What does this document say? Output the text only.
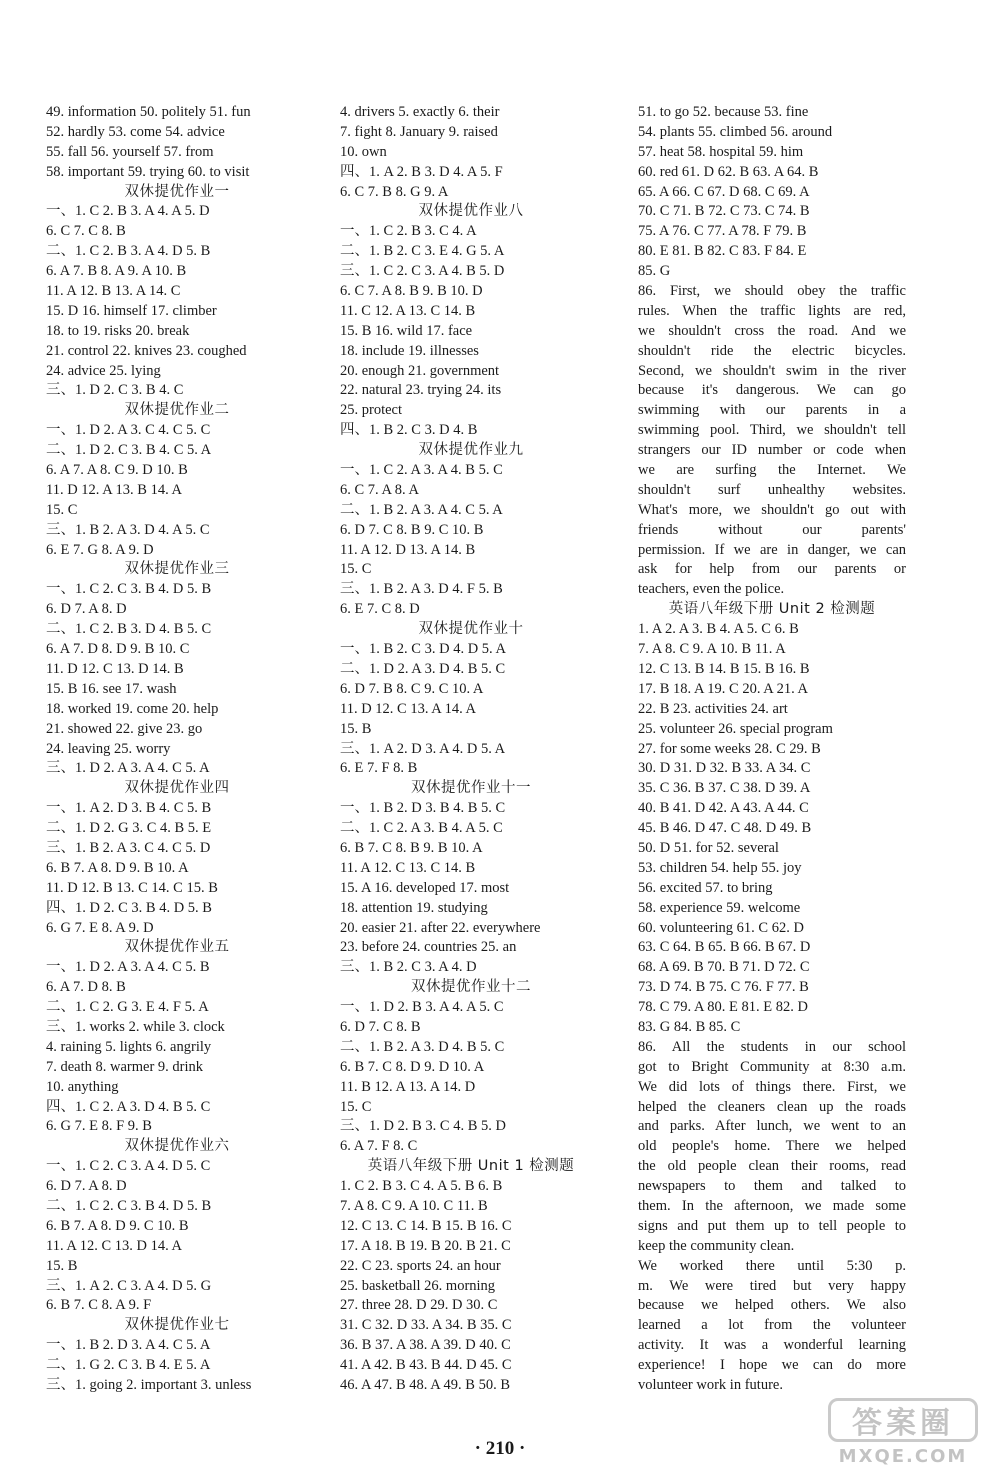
49. information 50. politely 51. fun
52. hardly 53. come 54. advice
55. fall 56. yourself 57. from
58. important 59. trying 60. to visit
双休提优作业一
一、1. C 2. B 3. A 4. A 5. D
6. C 7. C 8. B
二、1. C 2. B 3. A 4. D 5. B
6. A 7. B 8. A 9. A 10. B
11. A 12. B 13. A 14. C
15. D 16. himself 17. climber
18. to 19. risks 20. break
21. control 22. knives 23. coughed
24. advice 25. lying
三、1. D 2. C 3. B 4. C
双休提优作业二
一、1. D 2. A 3. C 4. C 5. C
二、1. D 2. C 3. B 4. C 5. A
6. A 7. A 8. C 9. D 10. B
11. D 12. A 13. B 14. A
15. C
三、1. B 2. A 3. D 4. A 5. C
6. E 7. G 8. A 9. D
双休提优作业三
一、1. C 2. C 3. B 4. D 5. B
6. D 7. A 8. D
二、1. C 2. B 3. D 4. B 5. C
6. A 7. D 8. D 9. B 10. C
11. D 12. C 13. D 14. B
15. B 16. see 17. wash
18. worked 19. come 20. help
21. showed 22. give 23. go
24. leaving 25. worry
三、1. D 2. A 3. A 4. C 5. A
双休提优作业四
一、1. A 2. D 3. B 4. C 5. B
二、1. D 2. G 3. C 4. B 5. E
三、1. B 2. A 3. C 4. C 5. D
6. B 7. A 8. D 9. B 10. A
11. D 12. B 13. C 14. C 15. B
四、1. D 2. C 3. B 4. D 5. B
6. G 7. E 8. A 9. D
双休提优作业五
一、1. D 2. A 3. A 4. C 5. B
6. A 7. D 8. B
二、1. C 2. G 3. E 4. F 5. A
三、1. works 2. while 3. clock
4. raining 5. lights 6. angrily
7. death 8. warmer 9. drink
10. anything
四、1. C 2. A 3. D 4. B 5. C
6. G 7. E 8. F 9. B
双休提优作业六
一、1. C 2. C 3. A 4. D 5. C
6. D 7. A 8. D
二、1. C 2. C 3. B 4. D 5. B
6. B 7. A 8. D 9. C 10. B
11. A 12. C 13. D 14. A
15. B
三、1. A 2. C 3. A 4. D 5. G
6. B 7. C 8. A 9. F
双休提优作业七
一、1. B 2. D 3. A 4. C 5. A
二、1. G 2. C 3. B 4. E 5. A
三、1. going 2. important 3. unless
4. drivers 5. exactly 6. their
7. fight 8. January 9. raised
10. own
四、1. A 2. B 3. D 4. A 5. F
6. C 7. B 8. G 9. A
双休提优作业八
一、1. C 2. B 3. C 4. A
二、1. B 2. C 3. E 4. G 5. A
三、1. C 2. C 3. A 4. B 5. D
6. C 7. A 8. B 9. B 10. D
11. C 12. A 13. C 14. B
15. B 16. wild 17. face
18. include 19. illnesses
20. enough 21. government
22. natural 23. trying 24. its
25. protect
四、1. B 2. C 3. D 4. B
双休提优作业九
一、1. C 2. A 3. A 4. B 5. C
6. C 7. A 8. A
二、1. B 2. A 3. A 4. C 5. A
6. D 7. C 8. B 9. C 10. B
11. A 12. D 13. A 14. B
15. C
三、1. B 2. A 3. D 4. F 5. B
6. E 7. C 8. D
双休提优作业十
一、1. B 2. C 3. D 4. D 5. A
二、1. D 2. A 3. D 4. B 5. C
6. D 7. B 8. C 9. C 10. A
11. D 12. C 13. A 14. A
15. B
三、1. A 2. D 3. A 4. D 5. A
6. E 7. F 8. B
双休提优作业十一
一、1. B 2. D 3. B 4. B 5. C
二、1. C 2. A 3. B 4. A 5. C
6. B 7. C 8. B 9. B 10. A
11. A 12. C 13. C 14. B
15. A 16. developed 17. most
18. attention 19. studying
20. easier 21. after 22. everywhere
23. before 24. countries 25. an
三、1. B 2. C 3. A 4. D
双休提优作业十二
一、1. D 2. B 3. A 4. A 5. C
6. D 7. C 8. B
二、1. B 2. A 3. D 4. B 5. C
6. B 7. C 8. D 9. D 10. A
11. B 12. A 13. A 14. D
15. C
三、1. D 2. B 3. C 4. B 5. D
6. A 7. F 8. C
英语八年级下册 Unit 1 检测题
1. C 2. B 3. C 4. A 5. B 6. B
7. A 8. C 9. A 10. C 11. B
12. C 13. C 14. B 15. B 16. C
17. A 18. B 19. B 20. B 21. C
22. C 23. sports 24. an hour
25. basketball 26. morning
27. three 28. D 29. D 30. C
31. C 32. D 33. A 34. B 35. C
36. B 37. A 38. A 39. D 40. C
41. A 42. B 43. B 44. D 45. C
46. A 47. B 48. A 49. B 50. B
51. to go 52. because 53. fine
54. plants 55. climbed 56. around
57. heat 58. hospital 59. him
60. red 61. D 62. B 63. A 64. B
65. A 66. C 67. D 68. C 69. A
70. C 71. B 72. C 73. C 74. B
75. A 76. C 77. A 78. F 79. B
80. E 81. B 82. C 83. F 84. E
85. G
86. First, we should obey the traffic
rules. When the traffic lights are red,
we shouldn't cross the road. And we
shouldn't ride the electric bicycles.
Second, we shouldn't swim in the river
because it's dangerous. We can go
swimming with our parents in a
swimming pool. Third, we shouldn't tell
strangers our ID number or code when
we are surfing the Internet. We
shouldn't surf unhealthy websites.
What's more, we shouldn't go out with
friends without our parents'
permission. If we are in danger, we can
ask for help from our parents or
teachers, even the police.
英语八年级下册 Unit 2 检测题
1. A 2. A 3. B 4. A 5. C 6. B
7. A 8. C 9. A 10. B 11. A
12. C 13. B 14. B 15. B 16. B
17. B 18. A 19. C 20. A 21. A
22. B 23. activities 24. art
25. volunteer 26. special program
27. for some weeks 28. C 29. B
30. D 31. D 32. B 33. A 34. C
35. C 36. B 37. C 38. D 39. A
40. B 41. D 42. A 43. A 44. C
45. B 46. D 47. C 48. D 49. B
50. D 51. for 52. several
53. children 54. help 55. joy
56. excited 57. to bring
58. experience 59. welcome
60. volunteering 61. C 62. D
63. C 64. B 65. B 66. B 67. D
68. A 69. B 70. B 71. D 72. C
73. D 74. B 75. C 76. F 77. B
78. C 79. A 80. E 81. E 82. D
83. G 84. B 85. C
86. All the students in our school
got to Bright Community at 8:30 a.m.
We did lots of things there. First, we
helped the cleaners clean up the roads
and parks. After lunch, we went to an
old people's home. There we helped
the old people clean their rooms, read
newspapers to them and talked to
them. In the afternoon, we made some
signs and put them up to tell people to
keep the community clean.
We worked there until 5:30 p.
m. We were tired but very happy
because we helped others. We also
learned a lot from the volunteer
activity. It was a wonderful learning
experience! I hope we can do more
volunteer work in future.
· 210 ·
答案圈
MXQE.COM
